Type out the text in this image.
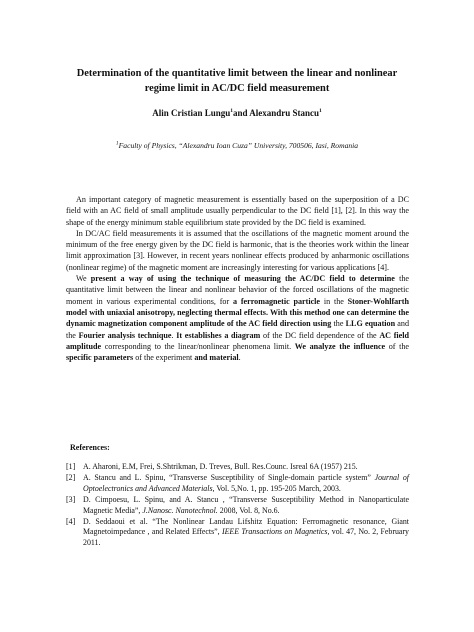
Determination of the quantitative limit between the linear and nonlinear
regime limit in AC/DC field measurement
Alin Cristian Lungu$^1$and Alexandru Stancu$^1$
$^1$Faculty of Physics, “Alexandru Ioan Cuza” University, 700506, Iasi, Romania

An important category of magnetic measurement is essentially based on the superposition of a DC field with an AC field of small amplitude usually perpendicular to the DC field [1], [2]. In this way the shape of the energy minimum stable equilibrium state provided by the DC field is examined.

In DC/AC field measurements it is assumed that the oscillations of the magnetic moment around the minimum of the free energy given by the DC field is harmonic, that is the theories work within the linear limit approximation [3]. However, in recent years nonlinear effects produced by anharmonic oscillations (nonlinear regime) of the magnetic moment are increasingly interesting for various applications [4].

We present a way of using the technique of measuring the AC/DC field to determine the quantitative limit between the linear and nonlinear behavior of the forced oscillations of the magnetic moment in various experimental conditions, for a ferromagnetic particle in the Stoner-Wohlfarth model with uniaxial anisotropy, neglecting thermal effects. With this method one can determine the dynamic magnetization component amplitude of the AC field direction using the LLG equation and the Fourier analysis technique. It establishes a diagram of the DC field dependence of the AC field amplitude corresponding to the linear/nonlinear phenomena limit. We analyze the influence of the specific parameters of the experiment and material.

References:
[1] A. Aharoni, E.M, Frei, S.Shtrikman, D. Treves, Bull. Res.Counc. Isreal 6A (1957) 215.
[2] A. Stancu and L. Spinu, “Transverse Susceptibility of Single-domain particle system” Journal of Optoelectronics and Advanced Materials, Vol. 5,No. 1, pp. 195-205 March, 2003.
[3] D. Cimpoesu, L. Spinu, and A. Stancu , “Transverse Susceptibility Method in Nanoparticulate Magnetic Media”, J.Nanosc. Nanotechnol. 2008, Vol. 8, No.6.
[4] D. Seddaoui et al. “The Nonlinear Landau Lifshitz Equation: Ferromagnetic resonance, Giant Magnetoimpedance , and Related Effects”, IEEE Transactions on Magnetics, vol. 47, No. 2, February 2011.
